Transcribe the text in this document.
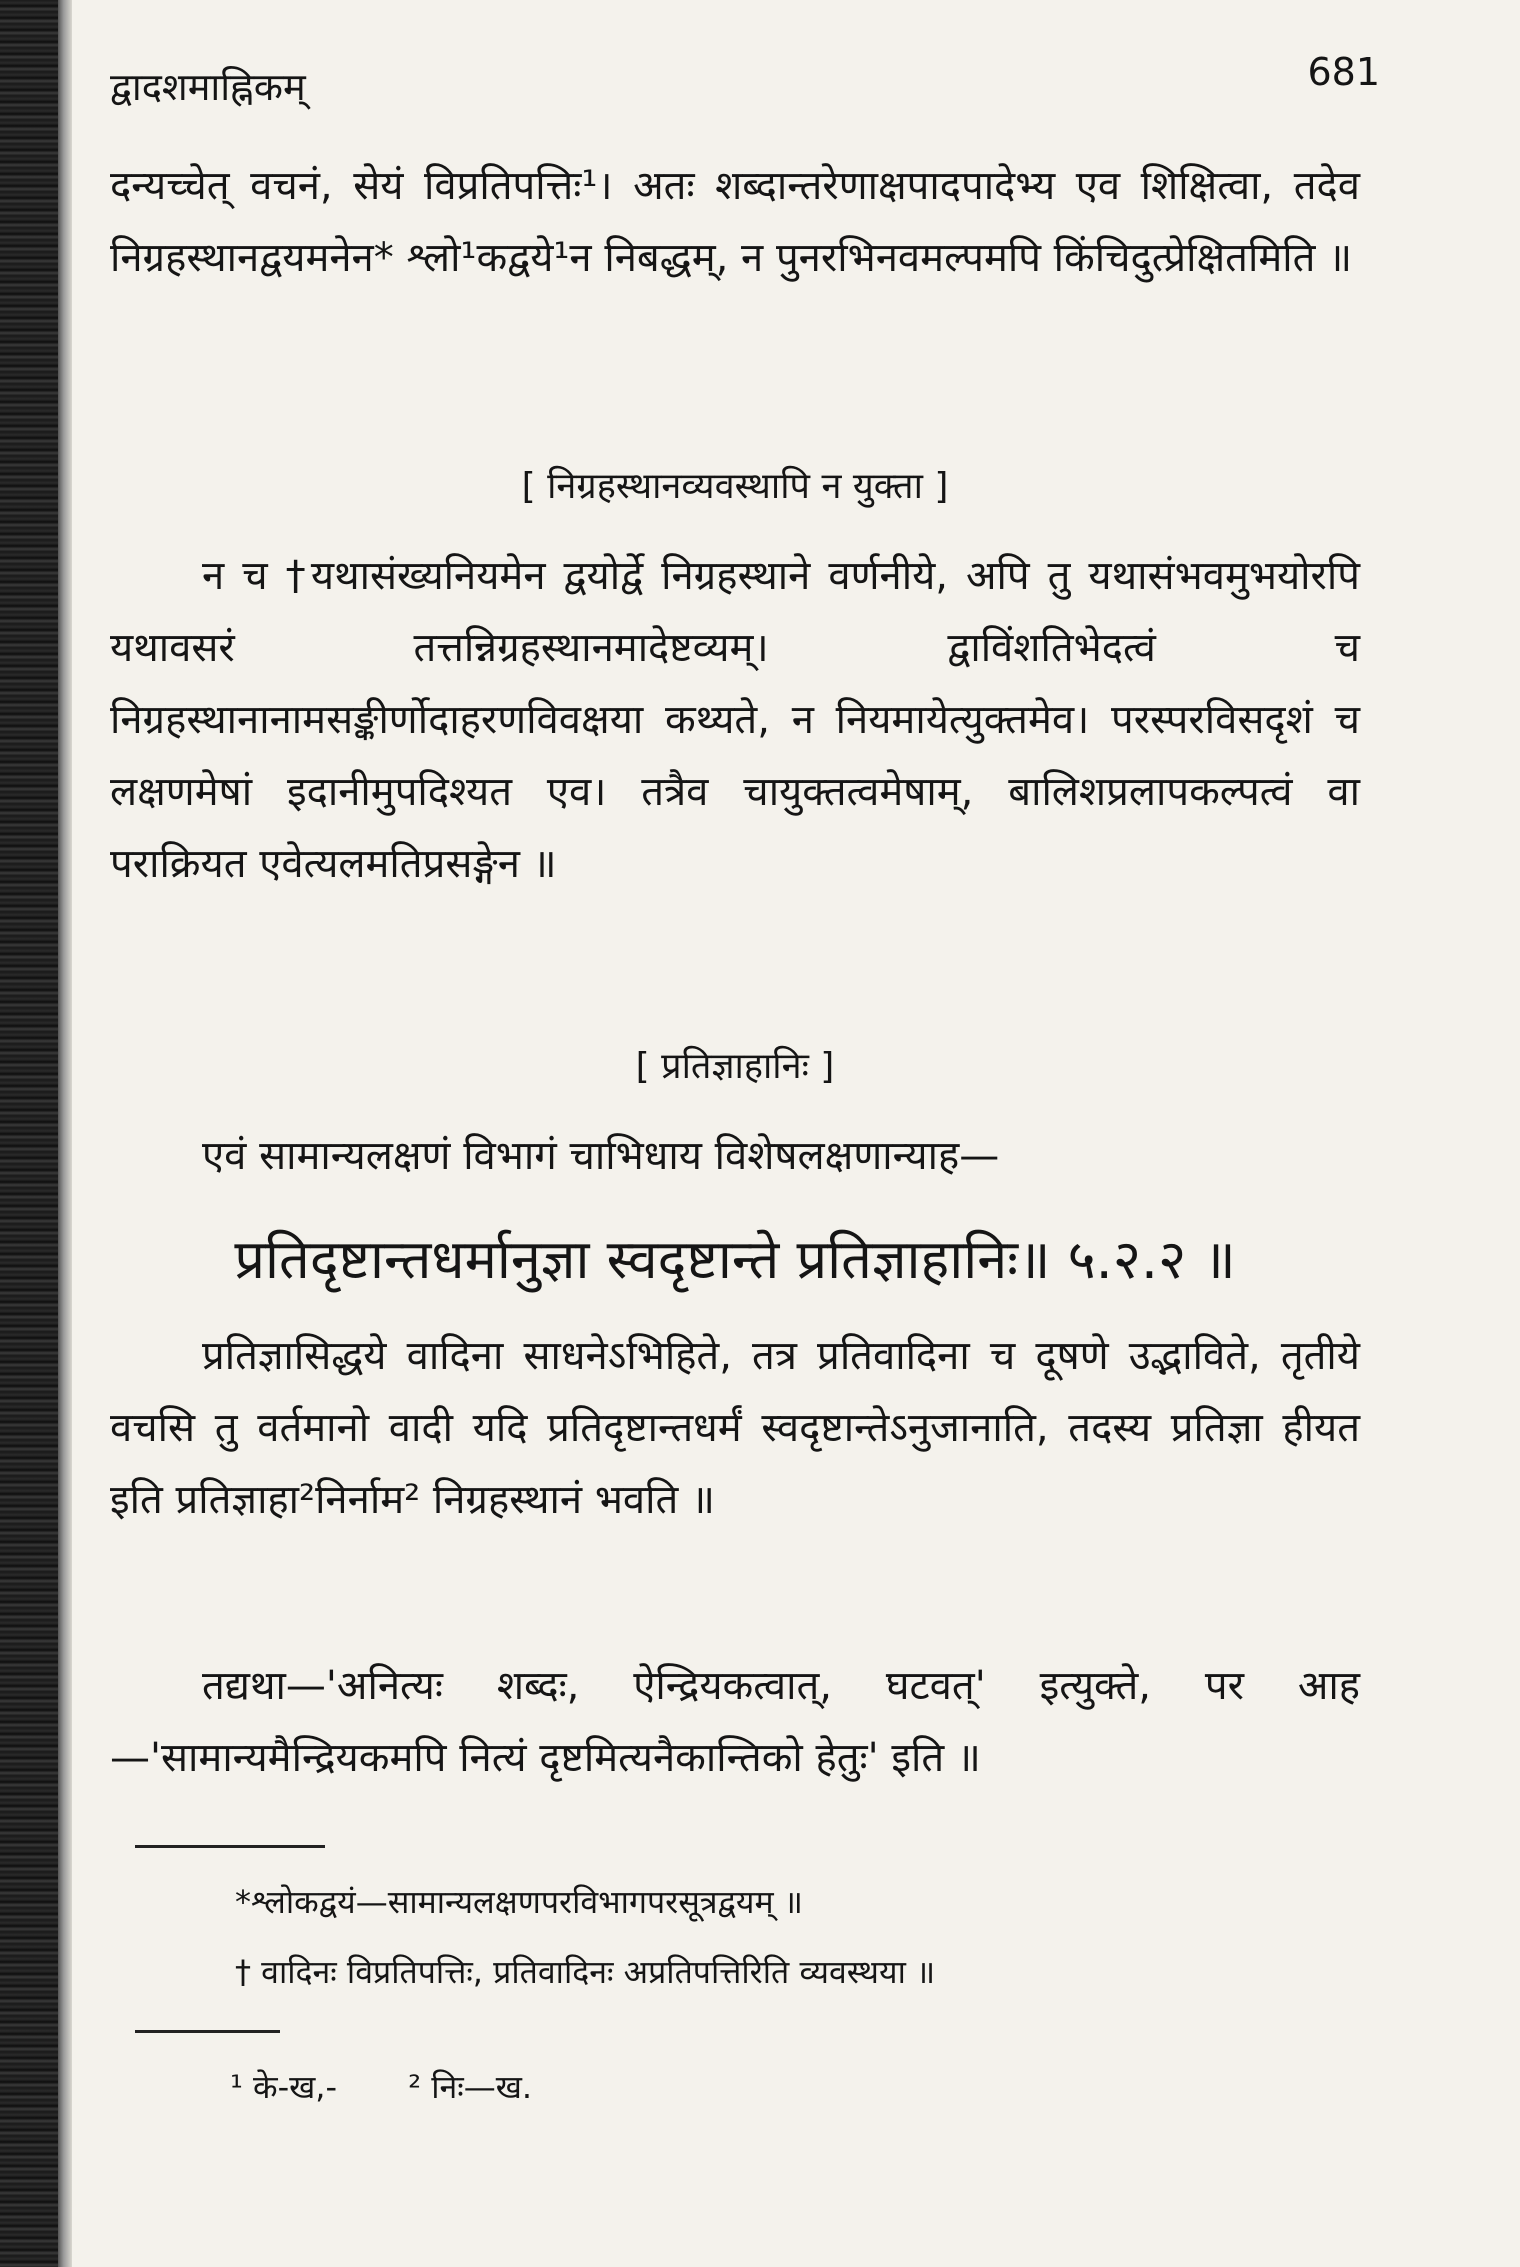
द्वादशमाह्निकम्	681

दन्यच्चेत् वचनं, सेयं विप्रतिपत्तिः¹। अतः शब्दान्तरेणाक्षपादपादेभ्य एव शिक्षित्वा, तदेव निग्रहस्थानद्वयमनेन* श्लो¹कद्वये¹न निबद्धम्, न पुनरभिनवमल्पमपि किंचिदुत्प्रेक्षितमिति ॥

[ निग्रहस्थानव्यवस्थापि न युक्ता ]

न च †यथासंख्यनियमेन द्वयोर्द्वे निग्रहस्थाने वर्णनीये, अपि तु यथासंभवमुभयोरपि यथावसरं तत्तन्निग्रहस्थानमादेष्टव्यम्। द्वाविंशतिभेदत्वं च निग्रहस्थानानामसङ्कीर्णोदाहरणविवक्षया कथ्यते, न नियमायेत्युक्तमेव। परस्परविसदृशं च लक्षणमेषां इदानीमुपदिश्यत एव। तत्रैव चायुक्तत्वमेषाम्, बालिशप्रलापकल्पत्वं वा पराक्रियत एवेत्यलमतिप्रसङ्गेन ॥

[ प्रतिज्ञाहानिः ]

एवं सामान्यलक्षणं विभागं चाभिधाय विशेषलक्षणान्याह—

प्रतिदृष्टान्तधर्मानुज्ञा स्वदृष्टान्ते प्रतिज्ञाहानिः॥ ५.२.२ ॥

प्रतिज्ञासिद्धये वादिना साधनेऽभिहिते, तत्र प्रतिवादिना च दूषणे उद्भाविते, तृतीये वचसि तु वर्तमानो वादी यदि प्रतिदृष्टान्तधर्मं स्वदृष्टान्तेऽनुजानाति, तदस्य प्रतिज्ञा हीयत इति प्रतिज्ञाहा²निर्नाम² निग्रहस्थानं भवति ॥

तद्यथा—'अनित्यः शब्दः, ऐन्द्रियकत्वात्, घटवत्' इत्युक्ते, पर आह—'सामान्यमैन्द्रियकमपि नित्यं दृष्टमित्यनैकान्तिको हेतुः' इति ॥

*श्लोकद्वयं—सामान्यलक्षणपरविभागपरसूत्रद्वयम् ॥

† वादिनः विप्रतिपत्तिः, प्रतिवादिनः अप्रतिपत्तिरिति व्यवस्थया ॥

¹ के-ख,-       ² निः—ख.
